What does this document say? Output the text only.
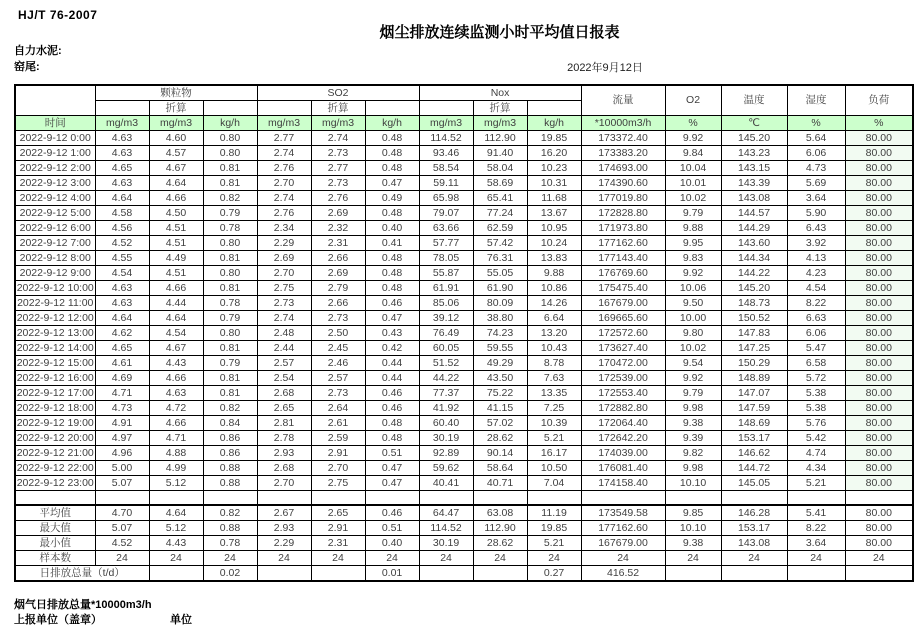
HJ/T 76-2007
烟尘排放连续监测小时平均值日报表
自力水泥:
窑尾:	2022年9月12日
	颗粒物			SO2			Nox			流量	O2	温度	湿度	负荷
		折算			折算			折算						
时间	mg/m3	mg/m3	kg/h	mg/m3	mg/m3	kg/h	mg/m3	mg/m3	kg/h	*10000m3/h	%	℃	%	%
2022-9-12 0:00	4.63	4.60	0.80	2.77	2.74	0.48	114.52	112.90	19.85	173372.40	9.92	145.20	5.64	80.00
2022-9-12 1:00	4.63	4.57	0.80	2.74	2.73	0.48	93.46	91.40	16.20	173383.20	9.84	143.23	6.06	80.00
2022-9-12 2:00	4.65	4.67	0.81	2.76	2.77	0.48	58.54	58.04	10.23	174693.00	10.04	143.15	4.73	80.00
2022-9-12 3:00	4.63	4.64	0.81	2.70	2.73	0.47	59.11	58.69	10.31	174390.60	10.01	143.39	5.69	80.00
2022-9-12 4:00	4.64	4.66	0.82	2.74	2.76	0.49	65.98	65.41	11.68	177019.80	10.02	143.08	3.64	80.00
2022-9-12 5:00	4.58	4.50	0.79	2.76	2.69	0.48	79.07	77.24	13.67	172828.80	9.79	144.57	5.90	80.00
2022-9-12 6:00	4.56	4.51	0.78	2.34	2.32	0.40	63.66	62.59	10.95	171973.80	9.88	144.29	6.43	80.00
2022-9-12 7:00	4.52	4.51	0.80	2.29	2.31	0.41	57.77	57.42	10.24	177162.60	9.95	143.60	3.92	80.00
2022-9-12 8:00	4.55	4.49	0.81	2.69	2.66	0.48	78.05	76.31	13.83	177143.40	9.83	144.34	4.13	80.00
2022-9-12 9:00	4.54	4.51	0.80	2.70	2.69	0.48	55.87	55.05	9.88	176769.60	9.92	144.22	4.23	80.00
2022-9-12 10:00	4.63	4.66	0.81	2.75	2.79	0.48	61.91	61.90	10.86	175475.40	10.06	145.20	4.54	80.00
2022-9-12 11:00	4.63	4.44	0.78	2.73	2.66	0.46	85.06	80.09	14.26	167679.00	9.50	148.73	8.22	80.00
2022-9-12 12:00	4.64	4.64	0.79	2.74	2.73	0.47	39.12	38.80	6.64	169665.60	10.00	150.52	6.63	80.00
2022-9-12 13:00	4.62	4.54	0.80	2.48	2.50	0.43	76.49	74.23	13.20	172572.60	9.80	147.83	6.06	80.00
2022-9-12 14:00	4.65	4.67	0.81	2.44	2.45	0.42	60.05	59.55	10.43	173627.40	10.02	147.25	5.47	80.00
2022-9-12 15:00	4.61	4.43	0.79	2.57	2.46	0.44	51.52	49.29	8.78	170472.00	9.54	150.29	6.58	80.00
2022-9-12 16:00	4.69	4.66	0.81	2.54	2.57	0.44	44.22	43.50	7.63	172539.00	9.92	148.89	5.72	80.00
2022-9-12 17:00	4.71	4.63	0.81	2.68	2.73	0.46	77.37	75.22	13.35	172553.40	9.79	147.07	5.38	80.00
2022-9-12 18:00	4.73	4.72	0.82	2.65	2.64	0.46	41.92	41.15	7.25	172882.80	9.98	147.59	5.38	80.00
2022-9-12 19:00	4.91	4.66	0.84	2.81	2.61	0.48	60.40	57.02	10.39	172064.40	9.38	148.69	5.76	80.00
2022-9-12 20:00	4.97	4.71	0.86	2.78	2.59	0.48	30.19	28.62	5.21	172642.20	9.39	153.17	5.42	80.00
2022-9-12 21:00	4.96	4.88	0.86	2.93	2.91	0.51	92.89	90.14	16.17	174039.00	9.82	146.62	4.74	80.00
2022-9-12 22:00	5.00	4.99	0.88	2.68	2.70	0.47	59.62	58.64	10.50	176081.40	9.98	144.72	4.34	80.00
2022-9-12 23:00	5.07	5.12	0.88	2.70	2.75	0.47	40.41	40.71	7.04	174158.40	10.10	145.05	5.21	80.00

平均值	4.70	4.64	0.82	2.67	2.65	0.46	64.47	63.08	11.19	173549.58	9.85	146.28	5.41	80.00
最大值	5.07	5.12	0.88	2.93	2.91	0.51	114.52	112.90	19.85	177162.60	10.10	153.17	8.22	80.00
最小值	4.52	4.43	0.78	2.29	2.31	0.40	30.19	28.62	5.21	167679.00	9.38	143.08	3.64	80.00
样本数	24	24	24	24	24	24	24	24	24	24	24	24	24	24
日排放总量（t/d）			0.02			0.01			0.27	416.52				
烟气日排放总量*10000m3/h
上报单位（盖章）	单位
